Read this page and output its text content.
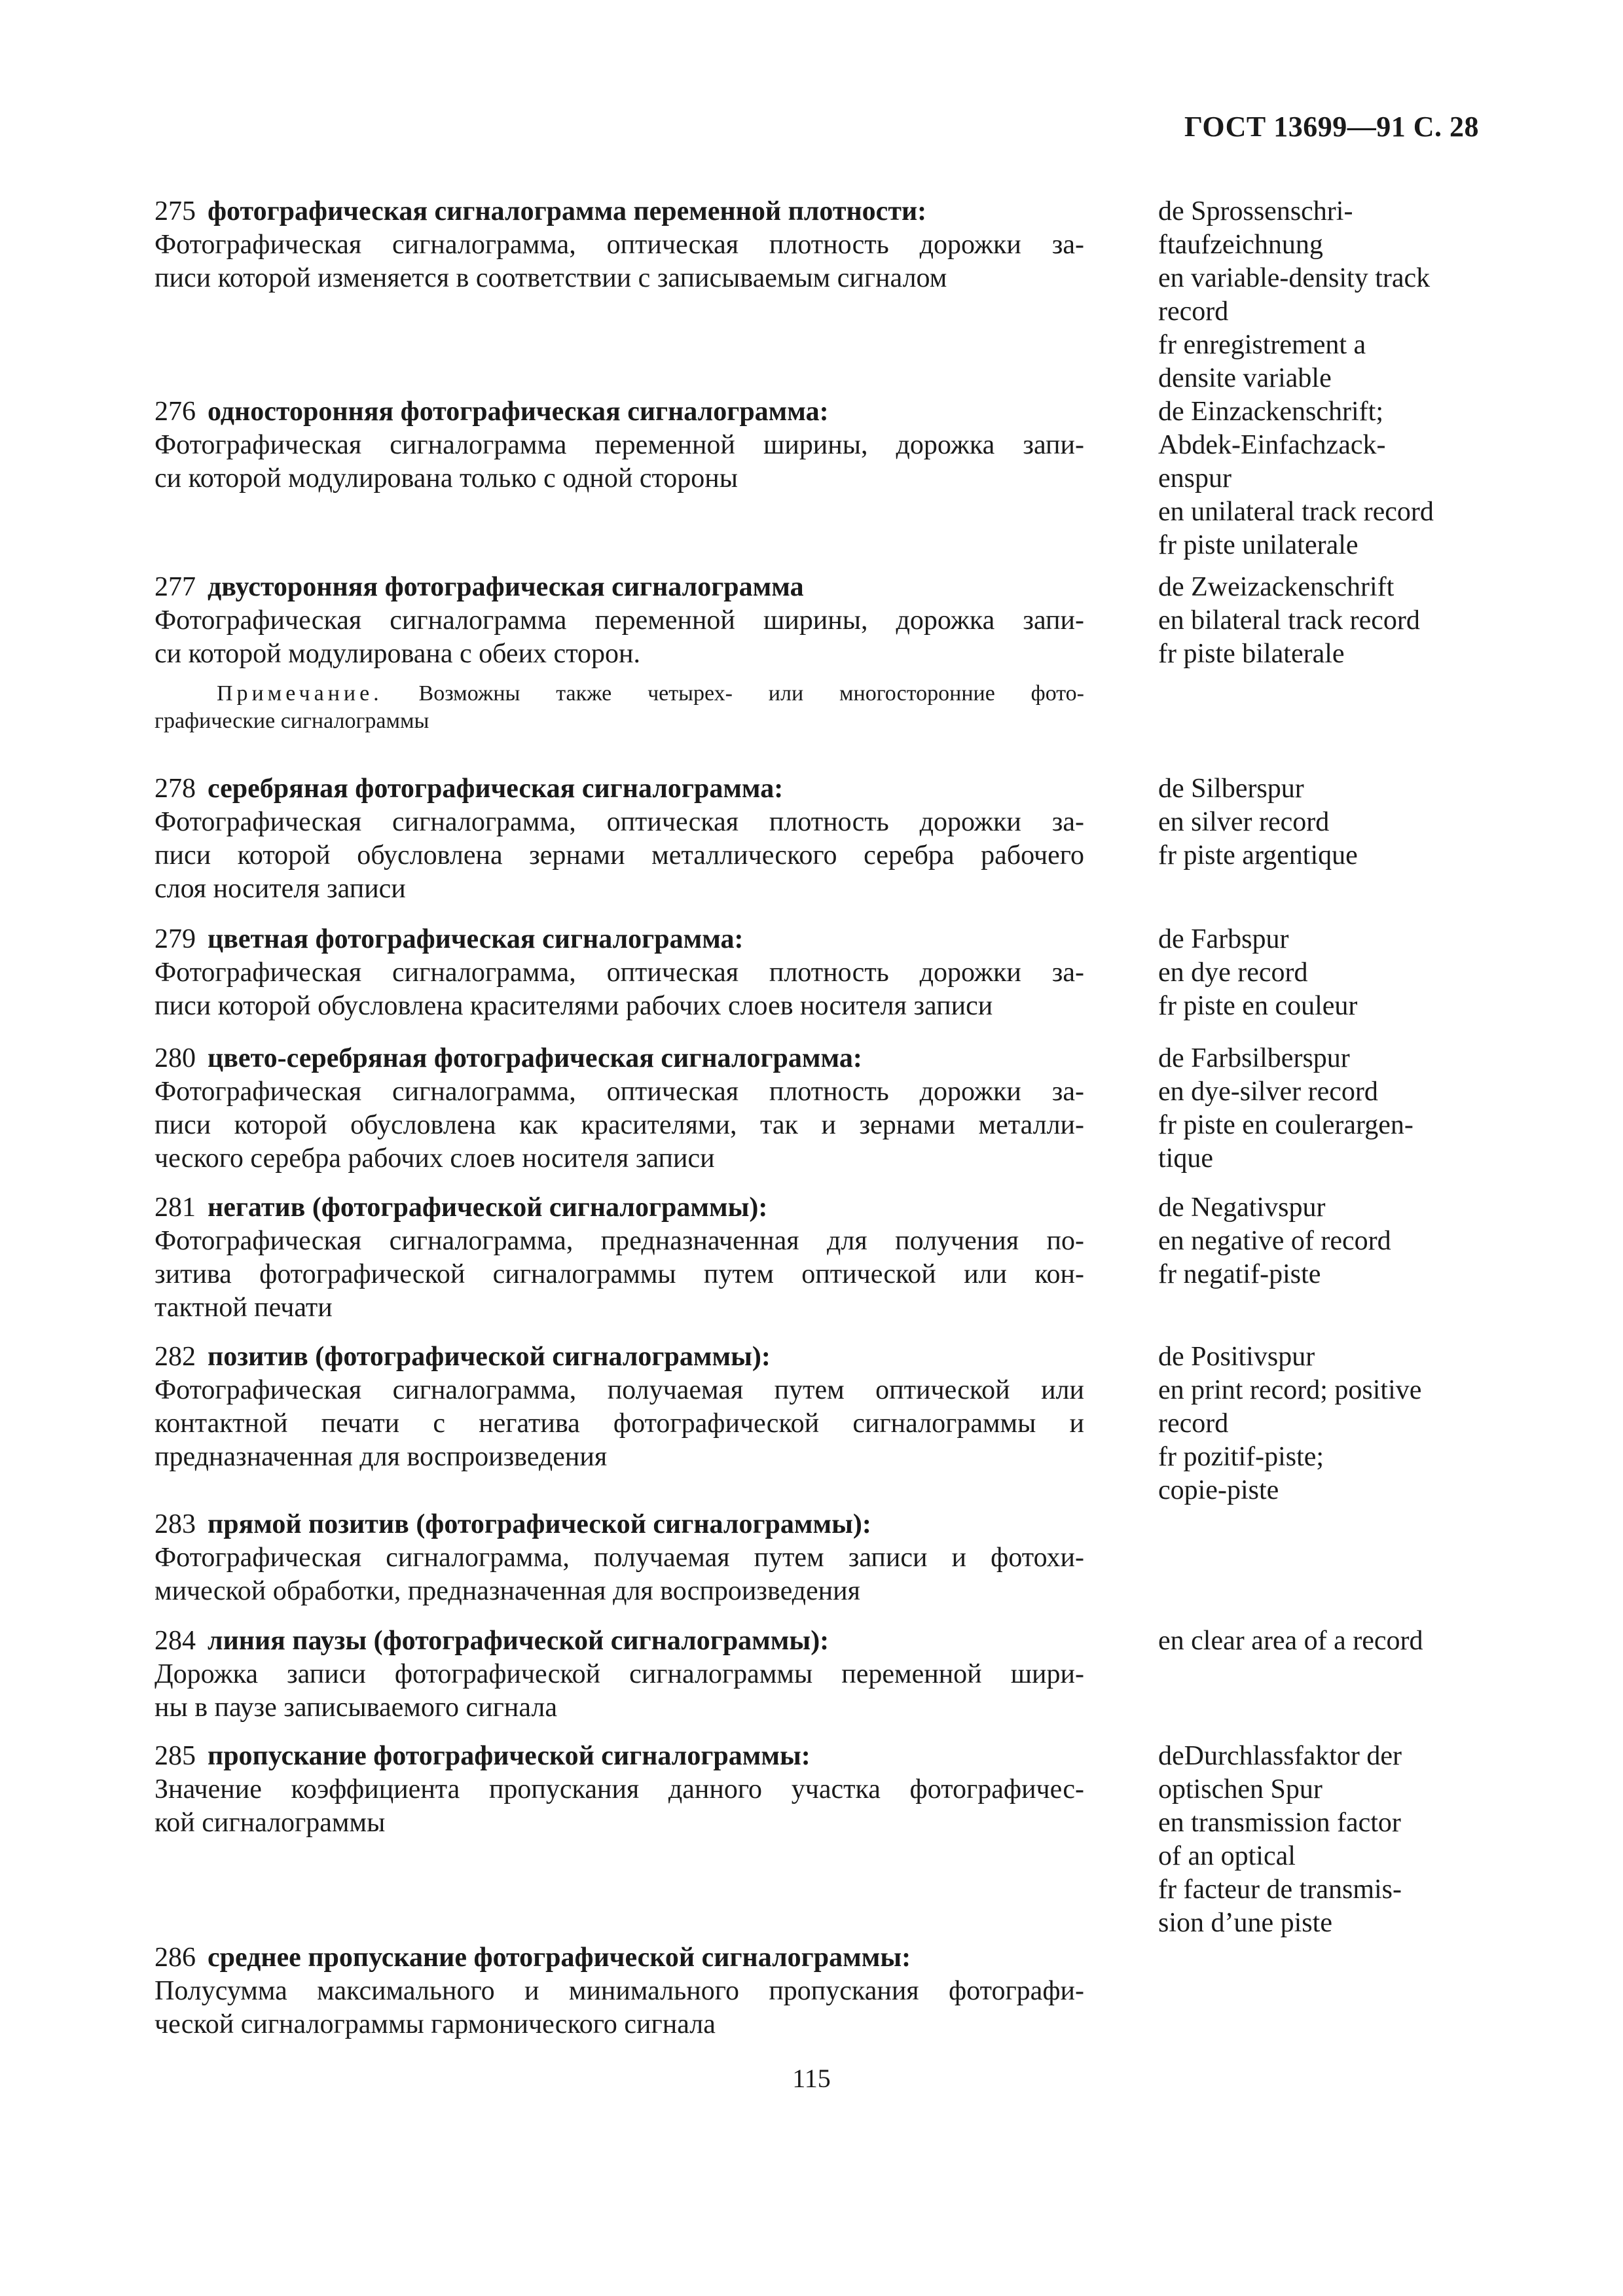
ГОСТ 13699—91 С. 28
275 фотографическая сигналограмма переменной плотности:
Фотографическая сигналограмма, оптическая плотность дорожки за-
писи которой изменяется в соответствии с записываемым сигналом
de Sprossenschri-
ftaufzeichnung
en variable-density track
record
fr enregistrement a
densite variable
276 односторонняя фотографическая сигналограмма:
Фотографическая сигналограмма переменной ширины, дорожка запи-
си которой модулирована только с одной стороны
de Einzackenschrift;
Abdek-Einfachzack-
enspur
en unilateral track record
fr piste unilaterale
277 двусторонняя фотографическая сигналограмма
Фотографическая сигналограмма переменной ширины, дорожка запи-
си которой модулирована с обеих сторон.
Примечание. Возможны также четырех- или многосторонние фото-
графические сигналограммы
de Zweizackenschrift
en bilateral track record
fr piste bilaterale
278 серебряная фотографическая сигналограмма:
Фотографическая сигналограмма, оптическая плотность дорожки за-
писи которой обусловлена зернами металлического серебра рабочего
слоя носителя записи
de Silberspur
en silver record
fr piste argentique
279 цветная фотографическая сигналограмма:
Фотографическая сигналограмма, оптическая плотность дорожки за-
писи которой обусловлена красителями рабочих слоев носителя записи
de Farbspur
en dye record
fr piste en couleur
280 цвето-серебряная фотографическая сигналограмма:
Фотографическая сигналограмма, оптическая плотность дорожки за-
писи которой обусловлена как красителями, так и зернами металли-
ческого серебра рабочих слоев носителя записи
de Farbsilberspur
en dye-silver record
fr piste en coulerargen-
tique
281 негатив (фотографической сигналограммы):
Фотографическая сигналограмма, предназначенная для получения по-
зитива фотографической сигналограммы путем оптической или кон-
тактной печати
de Negativspur
en negative of record
fr negatif-piste
282 позитив (фотографической сигналограммы):
Фотографическая сигналограмма, получаемая путем оптической или
контактной печати с негатива фотографической сигналограммы и
предназначенная для воспроизведения
de Positivspur
en print record; positive
record
fr pozitif-piste;
copie-piste
283 прямой позитив (фотографической сигналограммы):
Фотографическая сигналограмма, получаемая путем записи и фотохи-
мической обработки, предназначенная для воспроизведения
284 линия паузы (фотографической сигналограммы):
Дорожка записи фотографической сигналограммы переменной шири-
ны в паузе записываемого сигнала
en clear area of a record
285 пропускание фотографической сигналограммы:
Значение коэффициента пропускания данного участка фотографичес-
кой сигналограммы
deDurchlassfaktor der
optischen Spur
en transmission factor
of an optical
fr facteur de transmis-
sion d’une piste
286 среднее пропускание фотографической сигналограммы:
Полусумма максимального и минимального пропускания фотографи-
ческой сигналограммы гармонического сигнала
115
